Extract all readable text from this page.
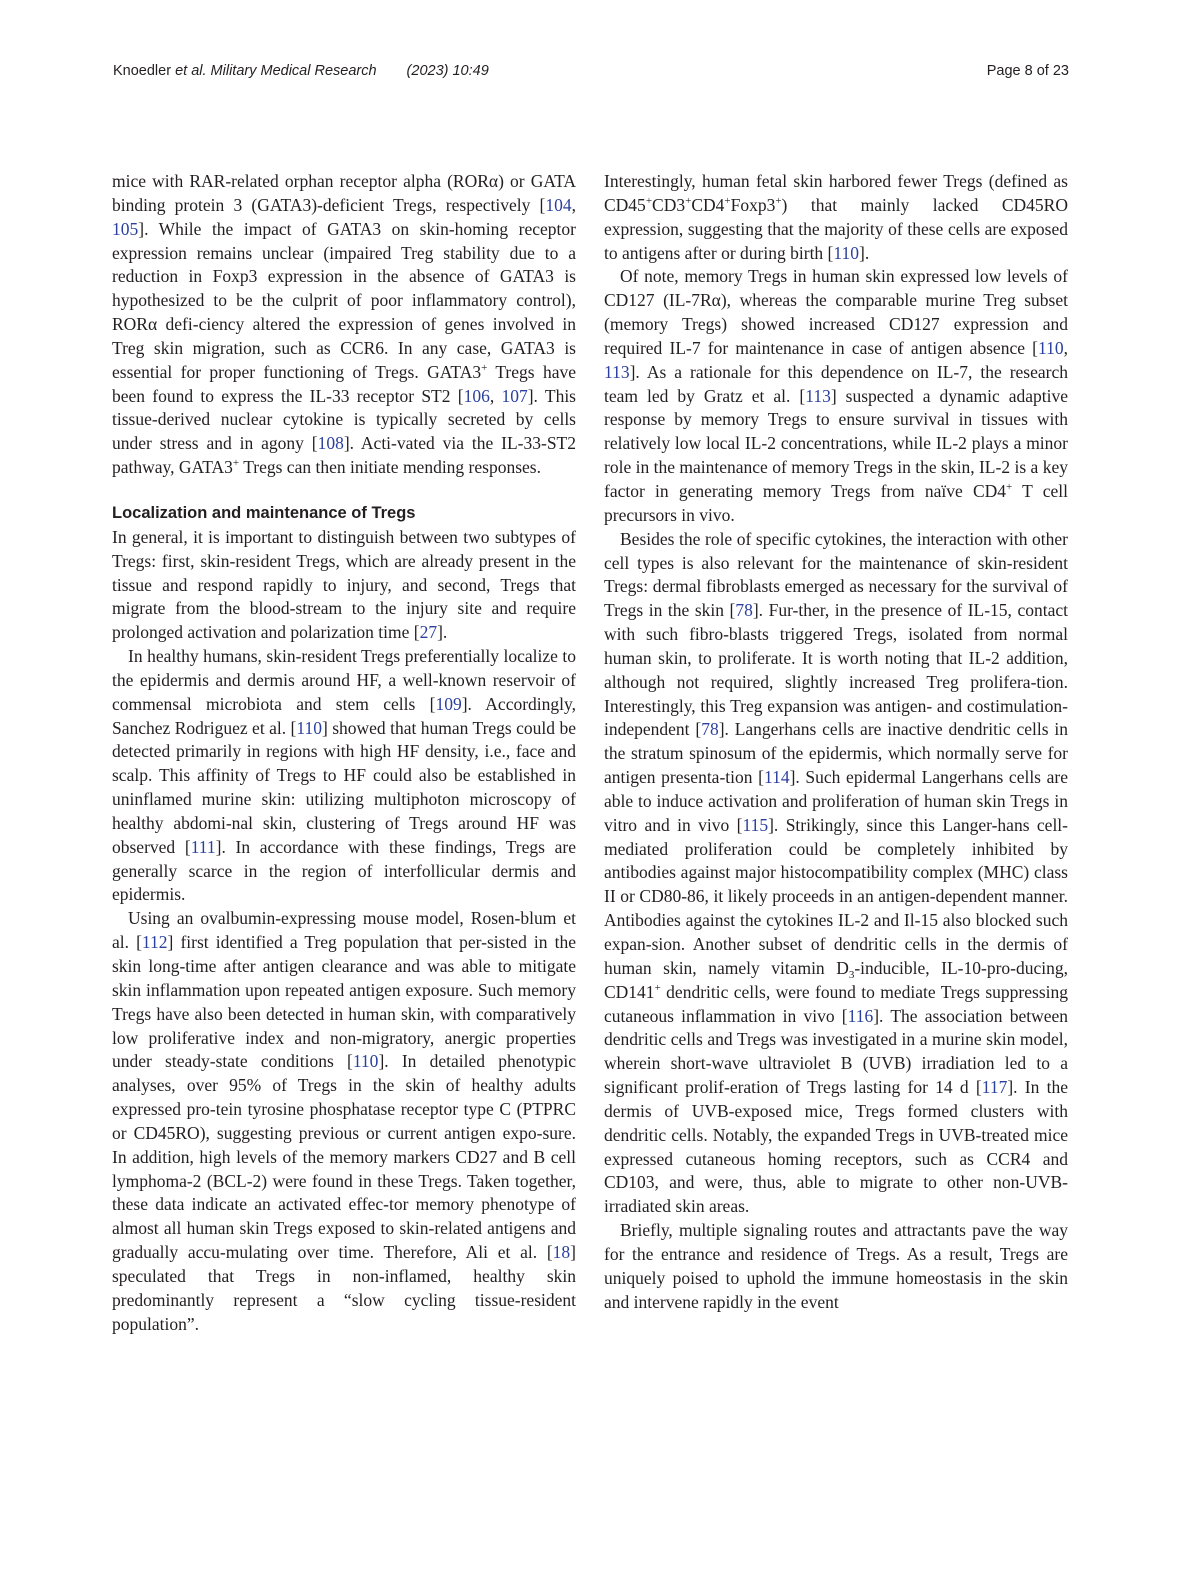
Knoedler et al. Military Medical Research (2023) 10:49	Page 8 of 23

mice with RAR-related orphan receptor alpha (RORα) or GATA binding protein 3 (GATA3)-deficient Tregs, respectively [104, 105]. While the impact of GATA3 on skin-homing receptor expression remains unclear (impaired Treg stability due to a reduction in Foxp3 expression in the absence of GATA3 is hypothesized to be the culprit of poor inflammatory control), RORα defi-ciency altered the expression of genes involved in Treg skin migration, such as CCR6. In any case, GATA3 is essential for proper functioning of Tregs. GATA3+ Tregs have been found to express the IL-33 receptor ST2 [106, 107]. This tissue-derived nuclear cytokine is typically secreted by cells under stress and in agony [108]. Acti-vated via the IL-33-ST2 pathway, GATA3+ Tregs can then initiate mending responses.

Localization and maintenance of Tregs

In general, it is important to distinguish between two subtypes of Tregs: first, skin-resident Tregs, which are already present in the tissue and respond rapidly to injury, and second, Tregs that migrate from the blood-stream to the injury site and require prolonged activation and polarization time [27].

In healthy humans, skin-resident Tregs preferentially localize to the epidermis and dermis around HF, a well-known reservoir of commensal microbiota and stem cells [109]. Accordingly, Sanchez Rodriguez et al. [110] showed that human Tregs could be detected primarily in regions with high HF density, i.e., face and scalp. This affinity of Tregs to HF could also be established in uninflamed murine skin: utilizing multiphoton microscopy of healthy abdomi-nal skin, clustering of Tregs around HF was observed [111]. In accordance with these findings, Tregs are generally scarce in the region of interfollicular dermis and epidermis.

Using an ovalbumin-expressing mouse model, Rosen-blum et al. [112] first identified a Treg population that per-sisted in the skin long-time after antigen clearance and was able to mitigate skin inflammation upon repeated antigen exposure. Such memory Tregs have also been detected in human skin, with comparatively low proliferative index and non-migratory, anergic properties under steady-state conditions [110]. In detailed phenotypic analyses, over 95% of Tregs in the skin of healthy adults expressed pro-tein tyrosine phosphatase receptor type C (PTPRC or CD45RO), suggesting previous or current antigen expo-sure. In addition, high levels of the memory markers CD27 and B cell lymphoma-2 (BCL-2) were found in these Tregs. Taken together, these data indicate an activated effec-tor memory phenotype of almost all human skin Tregs exposed to skin-related antigens and gradually accu-mulating over time. Therefore, Ali et al. [18] speculated that Tregs in non-inflamed, healthy skin predominantly represent a “slow cycling tissue-resident population”.

Interestingly, human fetal skin harbored fewer Tregs (defined as CD45+CD3+CD4+Foxp3+) that mainly lacked CD45RO expression, suggesting that the majority of these cells are exposed to antigens after or during birth [110].

Of note, memory Tregs in human skin expressed low levels of CD127 (IL-7Rα), whereas the comparable murine Treg subset (memory Tregs) showed increased CD127 expression and required IL-7 for maintenance in case of antigen absence [110, 113]. As a rationale for this dependence on IL-7, the research team led by Gratz et al. [113] suspected a dynamic adaptive response by memory Tregs to ensure survival in tissues with relatively low local IL-2 concentrations, while IL-2 plays a minor role in the maintenance of memory Tregs in the skin, IL-2 is a key factor in generating memory Tregs from naïve CD4+ T cell precursors in vivo.

Besides the role of specific cytokines, the interaction with other cell types is also relevant for the maintenance of skin-resident Tregs: dermal fibroblasts emerged as necessary for the survival of Tregs in the skin [78]. Fur-ther, in the presence of IL-15, contact with such fibro-blasts triggered Tregs, isolated from normal human skin, to proliferate. It is worth noting that IL-2 addition, although not required, slightly increased Treg prolifera-tion. Interestingly, this Treg expansion was antigen- and costimulation-independent [78]. Langerhans cells are inactive dendritic cells in the stratum spinosum of the epidermis, which normally serve for antigen presenta-tion [114]. Such epidermal Langerhans cells are able to induce activation and proliferation of human skin Tregs in vitro and in vivo [115]. Strikingly, since this Langer-hans cell-mediated proliferation could be completely inhibited by antibodies against major histocompatibility complex (MHC) class II or CD80-86, it likely proceeds in an antigen-dependent manner. Antibodies against the cytokines IL-2 and Il-15 also blocked such expan-sion. Another subset of dendritic cells in the dermis of human skin, namely vitamin $D_3$-inducible, IL-10-pro-ducing, CD141+ dendritic cells, were found to mediate Tregs suppressing cutaneous inflammation in vivo [116]. The association between dendritic cells and Tregs was investigated in a murine skin model, wherein short-wave ultraviolet B (UVB) irradiation led to a significant prolif-eration of Tregs lasting for 14 d [117]. In the dermis of UVB-exposed mice, Tregs formed clusters with dendritic cells. Notably, the expanded Tregs in UVB-treated mice expressed cutaneous homing receptors, such as CCR4 and CD103, and were, thus, able to migrate to other non-UVB-irradiated skin areas.

Briefly, multiple signaling routes and attractants pave the way for the entrance and residence of Tregs. As a result, Tregs are uniquely poised to uphold the immune homeostasis in the skin and intervene rapidly in the event
